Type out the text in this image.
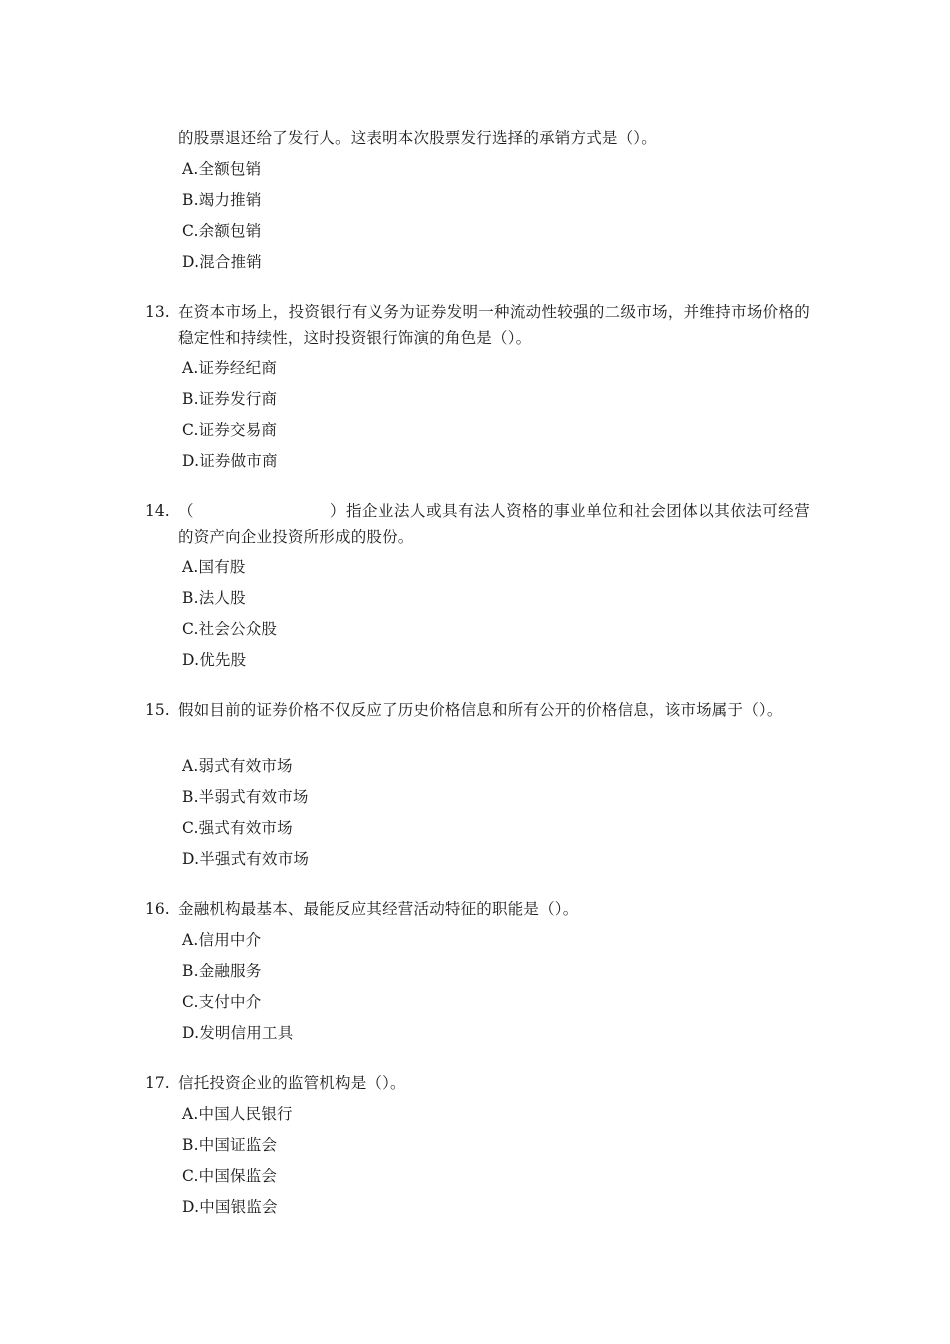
的股票退还给了发行人。这表明本次股票发行选择的承销方式是（）。
A.全额包销
B.竭力推销
C.余额包销
D.混合推销
13. 在资本市场上，投资银行有义务为证券发明一种流动性较强的二级市场，并维持市场价格的稳定性和持续性，这时投资银行饰演的角色是（）。
A.证券经纪商
B.证券发行商
C.证券交易商
D.证券做市商
14. （	）指企业法人或具有法人资格的事业单位和社会团体以其依法可经营的资产向企业投资所形成的股份。
A.国有股
B.法人股
C.社会公众股
D.优先股
15. 假如目前的证券价格不仅反应了历史价格信息和所有公开的价格信息，该市场属于（）。
A.弱式有效市场
B.半弱式有效市场
C.强式有效市场
D.半强式有效市场
16. 金融机构最基本、最能反应其经营活动特征的职能是（）。
A.信用中介
B.金融服务
C.支付中介
D.发明信用工具
17. 信托投资企业的监管机构是（）。
A.中国人民银行
B.中国证监会
C.中国保监会
D.中国银监会
